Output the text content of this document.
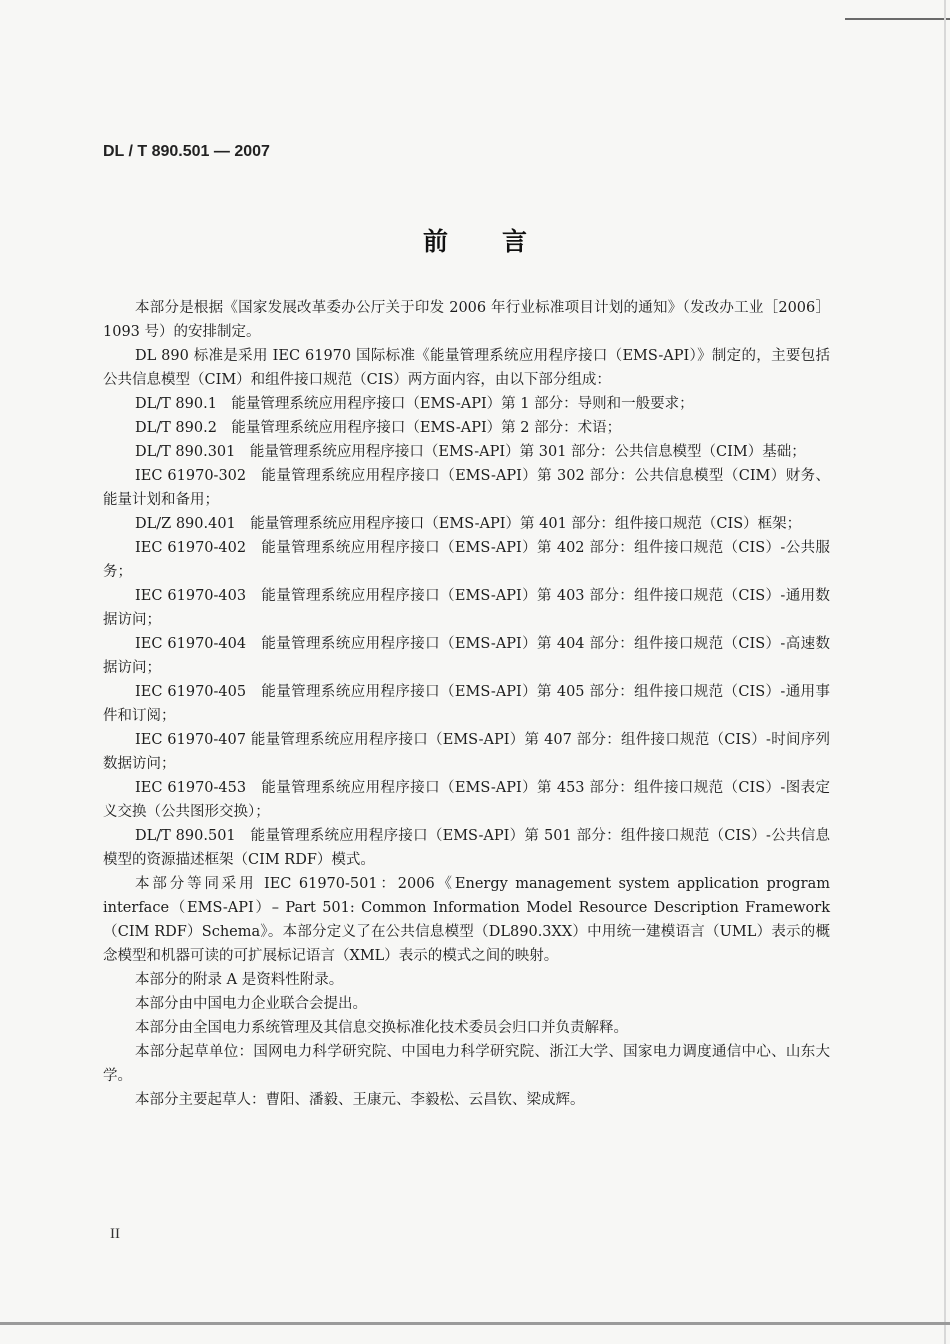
DL / T 890.501 — 2007
前言

本部分是根据《国家发展改革委办公厅关于印发 2006 年行业标准项目计划的通知》（发改办工业［2006］1093 号）的安排制定。

DL 890 标准是采用 IEC 61970 国际标准《能量管理系统应用程序接口（EMS-API）》制定的，主要包括公共信息模型（CIM）和组件接口规范（CIS）两方面内容，由以下部分组成：

DL/T 890.1　能量管理系统应用程序接口（EMS-API）第 1 部分：导则和一般要求；

DL/T 890.2　能量管理系统应用程序接口（EMS-API）第 2 部分：术语；

DL/T 890.301　能量管理系统应用程序接口（EMS-API）第 301 部分：公共信息模型（CIM）基础；

IEC 61970-302　能量管理系统应用程序接口（EMS-API）第 302 部分：公共信息模型（CIM）财务、能量计划和备用；

DL/Z 890.401　能量管理系统应用程序接口（EMS-API）第 401 部分：组件接口规范（CIS）框架；

IEC 61970-402　能量管理系统应用程序接口（EMS-API）第 402 部分：组件接口规范（CIS）-公共服务；

IEC 61970-403　能量管理系统应用程序接口（EMS-API）第 403 部分：组件接口规范（CIS）-通用数据访问；

IEC 61970-404　能量管理系统应用程序接口（EMS-API）第 404 部分：组件接口规范（CIS）-高速数据访问；

IEC 61970-405　能量管理系统应用程序接口（EMS-API）第 405 部分：组件接口规范（CIS）-通用事件和订阅；

IEC 61970-407 能量管理系统应用程序接口（EMS-API）第 407 部分：组件接口规范（CIS）-时间序列数据访问；

IEC 61970-453　能量管理系统应用程序接口（EMS-API）第 453 部分：组件接口规范（CIS）-图表定义交换（公共图形交换）；

DL/T 890.501　能量管理系统应用程序接口（EMS-API）第 501 部分：组件接口规范（CIS）-公共信息模型的资源描述框架（CIM RDF）模式。

本部分等同采用 IEC 61970-501：2006《Energy management system application program interface（EMS-API）– Part 501: Common Information Model Resource Description Framework（CIM RDF）Schema》。本部分定义了在公共信息模型（DL890.3XX）中用统一建模语言（UML）表示的概念模型和机器可读的可扩展标记语言（XML）表示的模式之间的映射。

本部分的附录 A 是资料性附录。

本部分由中国电力企业联合会提出。

本部分由全国电力系统管理及其信息交换标准化技术委员会归口并负责解释。

本部分起草单位：国网电力科学研究院、中国电力科学研究院、浙江大学、国家电力调度通信中心、山东大学。

本部分主要起草人：曹阳、潘毅、王康元、李毅松、云昌钦、梁成辉。

II
